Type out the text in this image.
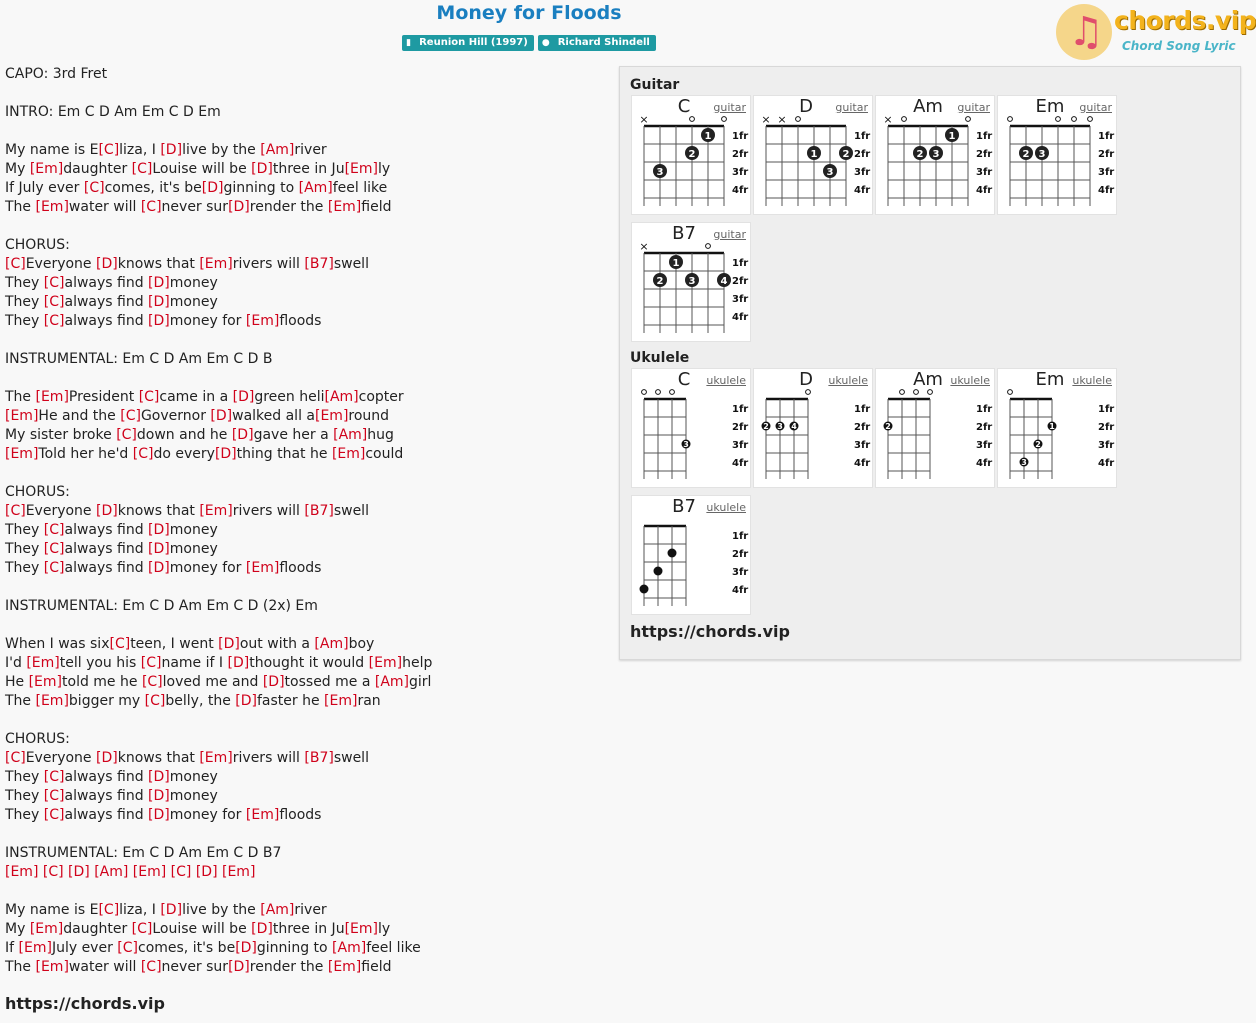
Money for Floods
▮ Reunion Hill (1997) ● Richard Shindell	♫ chords.vip
Chord Song Lyric
CAPO: 3rd Fret
INTRO: Em C D Am Em C D Em
My name is E[C]liza, I [D]live by the [Am]river
My [Em]daughter [C]Louise will be [D]three in Ju[Em]ly
If July ever [C]comes, it's be[D]ginning to [Am]feel like
The [Em]water will [C]never sur[D]render the [Em]field
CHORUS:
[C]Everyone [D]knows that [Em]rivers will [B7]swell
They [C]always find [D]money
They [C]always find [D]money
They [C]always find [D]money for [Em]floods
INSTRUMENTAL: Em C D Am Em C D B
The [Em]President [C]came in a [D]green heli[Am]copter
[Em]He and the [C]Governor [D]walked all a[Em]round
My sister broke [C]down and he [D]gave her a [Am]hug
[Em]Told her he'd [C]do every[D]thing that he [Em]could
CHORUS:
[C]Everyone [D]knows that [Em]rivers will [B7]swell
They [C]always find [D]money
They [C]always find [D]money
They [C]always find [D]money for [Em]floods
INSTRUMENTAL: Em C D Am Em C D (2x) Em
When I was six[C]teen, I went [D]out with a [Am]boy
I'd [Em]tell you his [C]name if I [D]thought it would [Em]help
He [Em]told me he [C]loved me and [D]tossed me a [Am]girl
The [Em]bigger my [C]belly, the [D]faster he [Em]ran
CHORUS:
[C]Everyone [D]knows that [Em]rivers will [B7]swell
They [C]always find [D]money
They [C]always find [D]money
They [C]always find [D]money for [Em]floods
INSTRUMENTAL: Em C D Am Em C D B7
[Em] [C] [D] [Am] [Em] [C] [D] [Em]
My name is E[C]liza, I [D]live by the [Am]river
My [Em]daughter [C]Louise will be [D]three in Ju[Em]ly
If [Em]July ever [C]comes, it's be[D]ginning to [Am]feel like
The [Em]water will [C]never sur[D]render the [Em]field
https://chords.vip
Guitar
Ukulele
https://chords.vip
C	guitar
×
1
2
3
1fr
2fr
3fr
4fr
D	guitar
× ×
1	2
3
1fr
2fr
3fr
4fr
Am	guitar
×
1
2 3
1fr
2fr
3fr
4fr
Em	guitar
2 3
1fr
2fr
3fr
4fr
B7	guitar
×
1
2	3	4
1fr
2fr
3fr
4fr
C	ukulele
3
1fr
2fr
3fr
4fr
D	ukulele
2 3 4
1fr
2fr
3fr
4fr
Am ukulele
2
1fr
2fr
3fr
4fr
Em ukulele
1
2
3
1fr
2fr
3fr
4fr
B7 ukulele
1fr
2fr
3fr
4fr
